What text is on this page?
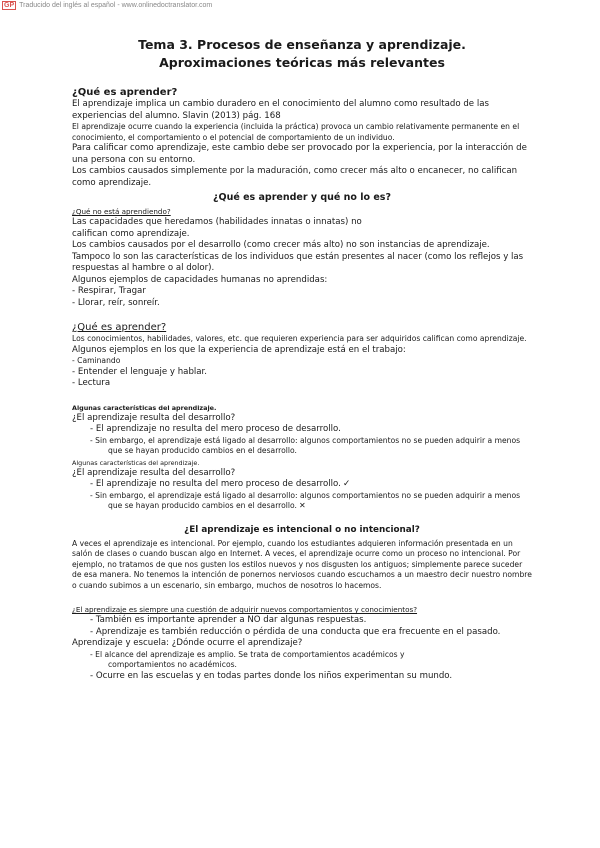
GP Traducido del inglés al español - www.onlinedoctranslator.com
Tema 3. Procesos de enseñanza y aprendizaje.
Aproximaciones teóricas más relevantes
¿Qué es aprender?
El aprendizaje implica un cambio duradero en el conocimiento del alumno como resultado de las experiencias del alumno. Slavin (2013) pág. 168
El aprendizaje ocurre cuando la experiencia (incluida la práctica) provoca un cambio relativamente permanente en el conocimiento, el comportamiento o el potencial de comportamiento de un individuo.
Para calificar como aprendizaje, este cambio debe ser provocado por la experiencia, por la interacción de una persona con su entorno.
Los cambios causados simplemente por la maduración, como crecer más alto o encanecer, no califican como aprendizaje.
¿Qué es aprender y qué no lo es?
¿Qué no está aprendiendo?
Las capacidades que heredamos (habilidades innatas o innatas) no
califican como aprendizaje.
Los cambios causados por el desarrollo (como crecer más alto) no son instancias de aprendizaje.
Tampoco lo son las características de los individuos que están presentes al nacer (como los reflejos y las respuestas al hambre o al dolor).
Algunos ejemplos de capacidades humanas no aprendidas:
- Respirar, Tragar
- Llorar, reír, sonreír.
¿Qué es aprender?
Los conocimientos, habilidades, valores, etc. que requieren experiencia para ser adquiridos califican como aprendizaje.
Algunos ejemplos en los que la experiencia de aprendizaje está en el trabajo:
- Caminando
- Entender el lenguaje y hablar.
- Lectura
Algunas características del aprendizaje.
¿El aprendizaje resulta del desarrollo?
- El aprendizaje no resulta del mero proceso de desarrollo.
- Sin embargo, el aprendizaje está ligado al desarrollo: algunos comportamientos no se pueden adquirir a menos
que se hayan producido cambios en el desarrollo.
Algunas características del aprendizaje.
¿El aprendizaje resulta del desarrollo?
- El aprendizaje no resulta del mero proceso de desarrollo. ✓
- Sin embargo, el aprendizaje está ligado al desarrollo: algunos comportamientos no se pueden adquirir a menos
que se hayan producido cambios en el desarrollo. ✕
¿El aprendizaje es intencional o no intencional?
A veces el aprendizaje es intencional. Por ejemplo, cuando los estudiantes adquieren información presentada en un salón de clases o cuando buscan algo en Internet. A veces, el aprendizaje ocurre como un proceso no intencional. Por ejemplo, no tratamos de que nos gusten los estilos nuevos y nos disgusten los antiguos; simplemente parece suceder de esa manera. No tenemos la intención de ponernos nerviosos cuando escuchamos a un maestro decir nuestro nombre o cuando subimos a un escenario, sin embargo, muchos de nosotros lo hacemos.
¿El aprendizaje es siempre una cuestión de adquirir nuevos comportamientos y conocimientos?
- También es importante aprender a NO dar algunas respuestas.
- Aprendizaje es también reducción o pérdida de una conducta que era frecuente en el pasado.
Aprendizaje y escuela: ¿Dónde ocurre el aprendizaje?
- El alcance del aprendizaje es amplio. Se trata de comportamientos académicos y
comportamientos no académicos.
- Ocurre en las escuelas y en todas partes donde los niños experimentan su mundo.
